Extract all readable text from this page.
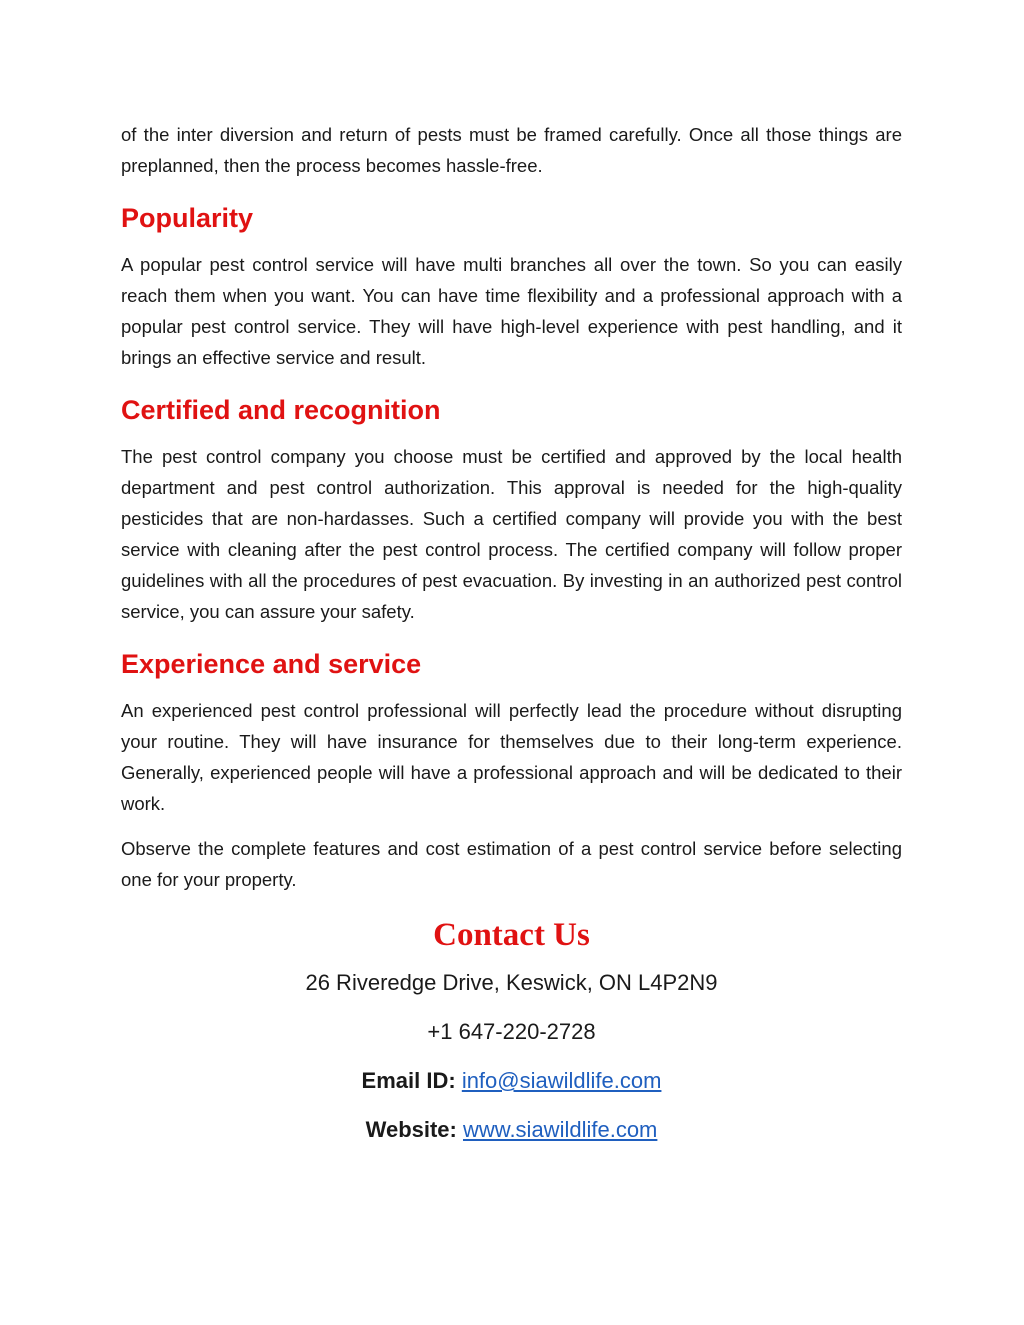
of the inter diversion and return of pests must be framed carefully. Once all those things are preplanned, then the process becomes hassle-free.

Popularity

A popular pest control service will have multi branches all over the town. So you can easily reach them when you want. You can have time flexibility and a professional approach with a popular pest control service. They will have high-level experience with pest handling, and it brings an effective service and result.

Certified and recognition

The pest control company you choose must be certified and approved by the local health department and pest control authorization. This approval is needed for the high-quality pesticides that are non-hardasses. Such a certified company will provide you with the best service with cleaning after the pest control process. The certified company will follow proper guidelines with all the procedures of pest evacuation. By investing in an authorized pest control service, you can assure your safety.

Experience and service

An experienced pest control professional will perfectly lead the procedure without disrupting your routine. They will have insurance for themselves due to their long-term experience. Generally, experienced people will have a professional approach and will be dedicated to their work.

Observe the complete features and cost estimation of a pest control service before selecting one for your property.

Contact Us

26 Riveredge Drive, Keswick, ON L4P2N9

+1 647-220-2728

Email ID: info@siawildlife.com

Website: www.siawildlife.com
